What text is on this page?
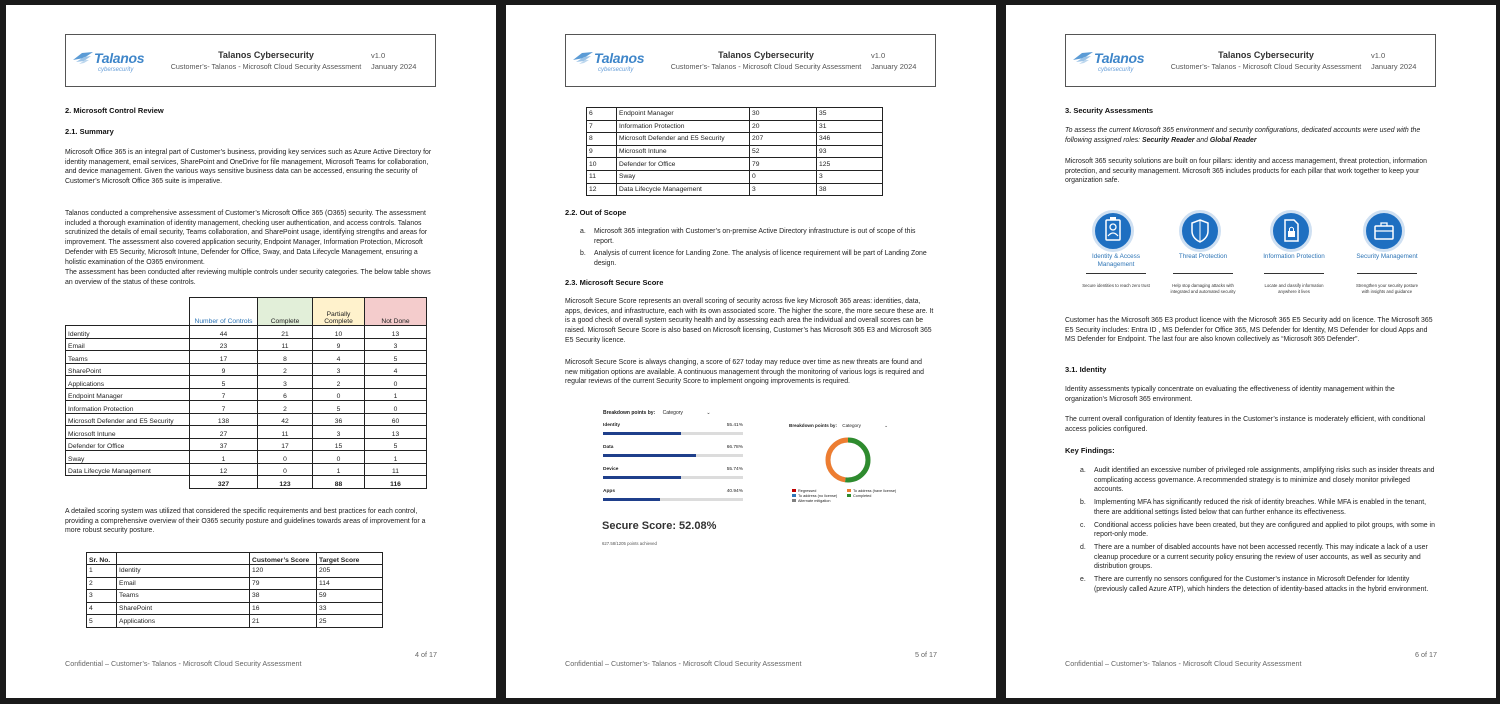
Talanos
cybersecurity
Talanos Cybersecurity
Customer’s- Talanos - Microsoft Cloud Security Assessment
v1.0
January 2024
2. Microsoft Control Review
2.1. Summary
Microsoft Office 365 is an integral part of Customer’s business, providing key services such as Azure Active Directory for identity management, email services, SharePoint and OneDrive for file management, Microsoft Teams for collaboration, and device management. Given the various ways sensitive business data can be accessed, ensuring the security of Customer’s Microsoft Office 365 suite is imperative.
Talanos conducted a comprehensive assessment of Customer’s Microsoft Office 365 (O365) security. The assessment included a thorough examination of identity management, checking user authentication, and access controls. Talanos scrutinized the details of email security, Teams collaboration, and SharePoint usage, identifying strengths and areas for improvement. The assessment also covered application security, Endpoint Manager, Information Protection, Microsoft Defender with E5 Security, Microsoft Intune, Defender for Office, Sway, and Data Lifecycle Management, ensuring a holistic examination of the O365 environment.
The assessment has been conducted after reviewing multiple controls under security categories. The below table shows an overview of the status of these controls.
	Number of Controls	Complete	Partially Complete	Not Done
Identity	44	21	10	13
Email	23	11	9	3
Teams	17	8	4	5
SharePoint	9	2	3	4
Applications	5	3	2	0
Endpoint Manager	7	6	0	1
Information Protection	7	2	5	0
Microsoft Defender and E5 Security	138	42	36	60
Microsoft Intune	27	11	3	13
Defender for Office	37	17	15	5
Sway	1	0	0	1
Data Lifecycle Management	12	0	1	11
	327	123	88	116
A detailed scoring system was utilized that considered the specific requirements and best practices for each control, providing a comprehensive overview of their O365 security posture and guidelines towards areas of improvement for a more robust security posture.
Sr. No.		Customer’s Score	Target Score
1	Identity	120	205
2	Email	79	114
3	Teams	38	59
4	SharePoint	16	33
5	Applications	21	25
4 of 17
Confidential – Customer’s- Talanos - Microsoft Cloud Security Assessment
Talanos
cybersecurity
Talanos Cybersecurity
Customer’s- Talanos - Microsoft Cloud Security Assessment
v1.0
January 2024
6	Endpoint Manager	30	35
7	Information Protection	20	31
8	Microsoft Defender and E5 Security	207	346
9	Microsoft Intune	52	93
10	Defender for Office	79	125
11	Sway	0	3
12	Data Lifecycle Management	3	38
2.2. Out of Scope
a.	Microsoft 365 integration with Customer’s on-premise Active Directory infrastructure is out of scope of this report.
b.	Analysis of current licence for Landing Zone. The analysis of licence requirement will be part of Landing Zone design.
2.3. Microsoft Secure Score
Microsoft Secure Score represents an overall scoring of security across five key Microsoft 365 areas: identities, data, apps, devices, and infrastructure, each with its own associated score. The higher the score, the more secure these are. It is a good check of overall system security health and by assessing each area the individual and overall scores can be raised. Microsoft Secure Score is also based on Microsoft licensing, Customer’s has Microsoft 365 E3 and Microsoft 365 E5 Security licence.
Microsoft Secure Score is always changing, a score of 627 today may reduce over time as new threats are found and new mitigation options are available. A continuous management through the monitoring of various logs is required and regular reviews of the current Security Score to implement ongoing improvements is required.
Breakdown points by: Category	⌄
Identity	55.41%
Data	66.78%
Device	55.74%
Apps	40.94%
Secure Score: 52.08%
627.58/1205 points achieved
Breakdown points by: Category	⌄
Regressed	To address (have license)
To address (no license)	Completed
Alternate mitigation
5 of 17
Confidential – Customer’s- Talanos - Microsoft Cloud Security Assessment
Talanos
cybersecurity
Talanos Cybersecurity
Customer’s- Talanos - Microsoft Cloud Security Assessment
v1.0
January 2024
3. Security Assessments
To assess the current Microsoft 365 environment and security configurations, dedicated accounts were used with the following assigned roles: Security Reader and Global Reader
Microsoft 365 security solutions are built on four pillars: identity and access management, threat protection, information protection, and security management. Microsoft 365 includes products for each pillar that work together to keep your organization safe.
Identity & Access Management
Secure identities to reach zero trust
Threat Protection
Help stop damaging attacks with integrated and automated security
Information Protection
Locate and classify information anywhere it lives
Security Management
Strengthen your security posture with insights and guidance
Customer has the Microsoft 365 E3 product licence with the Microsoft 365 E5 Security add on licence. The Microsoft 365 E5 Security includes: Entra ID , MS Defender for Office 365, MS Defender for Identity, MS Defender for cloud Apps and MS Defender for Endpoint. The last four are also known collectively as “Microsoft 365 Defender”.
3.1. Identity
Identity assessments typically concentrate on evaluating the effectiveness of identity management within the organization’s Microsoft 365 environment.
The current overall configuration of Identity features in the Customer’s instance is moderately efficient, with conditional access policies configured.
Key Findings:
a.	Audit identified an excessive number of privileged role assignments, amplifying risks such as insider threats and complicating access governance. A recommended strategy is to minimize and closely monitor privileged accounts.
b.	Implementing MFA has significantly reduced the risk of identity breaches. While MFA is enabled in the tenant, there are additional settings listed below that can further enhance its effectiveness.
c.	Conditional access policies have been created, but they are configured and applied to pilot groups, with some in report-only mode.
d.	There are a number of disabled accounts have not been accessed recently. This may indicate a lack of a user cleanup procedure or a current security policy ensuring the review of user accounts, as well as security and distribution groups.
e.	There are currently no sensors configured for the Customer’s instance in Microsoft Defender for Identity (previously called Azure ATP), which hinders the detection of identity-based attacks in the hybrid environment.
6 of 17
Confidential – Customer’s- Talanos - Microsoft Cloud Security Assessment
